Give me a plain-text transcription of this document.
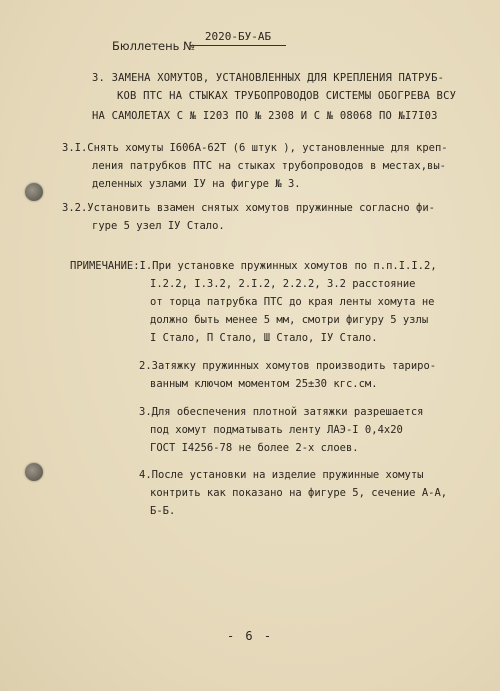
Бюллетень №
2020-БУ-АБ
3. ЗАМЕНА ХОМУТОВ, УСТАНОВЛЕННЫХ ДЛЯ КРЕПЛЕНИЯ ПАТРУБ-
КОВ ПТС НА СТЫКАХ ТРУБОПРОВОДОВ СИСТЕМЫ ОБОГРЕВА ВСУ
НА САМОЛЕТАХ С № I203 ПО № 2308 И С № 08068 ПО №I7I03
3.I.Снять хомуты I606А-62Т (6 штук ), установленные для креп-
ления патрубков ПТС на стыках трубопроводов в местах,вы-
деленных узлами IУ на фигуре № 3.
3.2.Установить взамен снятых хомутов пружинные согласно фи-
гуре 5 узел IУ Стало.
ПРИМЕЧАНИЕ:I.При установке пружинных хомутов по п.п.I.I.2,
I.2.2, I.3.2, 2.I.2, 2.2.2, 3.2 расстояние
от торца патрубка ПТС до края ленты хомута не
должно быть менее 5 мм, смотри фигуру 5 узлы
I Стало, П Стало, Ш Стало, IУ Стало.
2.Затяжку пружинных хомутов производить тариро-
ванным ключом моментом 25±30 кгс.см.
3.Для обеспечения плотной затяжки разрешается
под хомут подматывать ленту ЛАЭ-I 0,4х20
ГОСТ I4256-78 не более 2-х слоев.
4.После установки на изделие пружинные хомуты
контрить как показано на фигуре 5, сечение А-А,
Б-Б.
- 6 -
